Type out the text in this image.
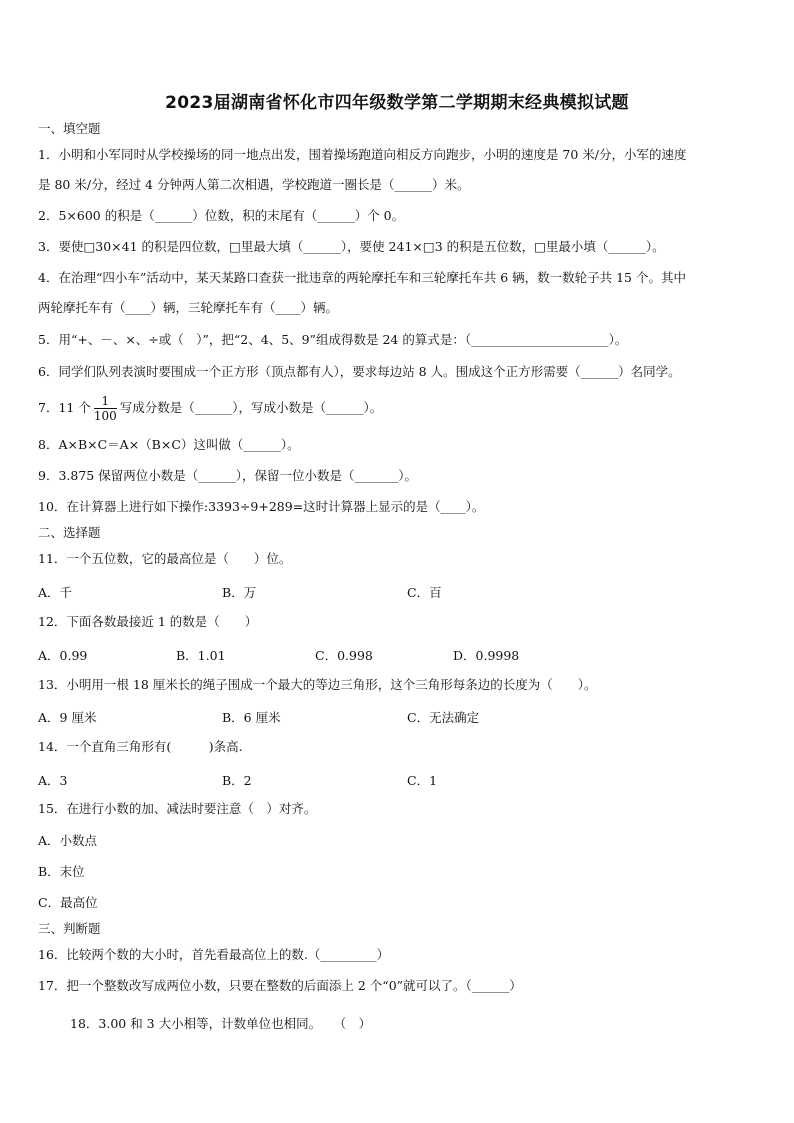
2023届湖南省怀化市四年级数学第二学期期末经典模拟试题
一、填空题
1．小明和小军同时从学校操场的同一地点出发，围着操场跑道向相反方向跑步，小明的速度是 70 米/分，小军的速度
是 80 米/分，经过 4 分钟两人第二次相遇，学校跑道一圈长是（______）米。
2．5×600 的积是（______）位数，积的末尾有（______）个 0。
3．要使□30×41 的积是四位数，□里最大填（______），要使 241×□3 的积是五位数，□里最小填（______）。
4．在治理“四小车”活动中，某天某路口查获一批违章的两轮摩托车和三轮摩托车共 6 辆，数一数轮子共 15 个。其中
两轮摩托车有（____）辆，三轮摩托车有（____）辆。
5．用“+、－、×、÷或（　）”，把“2、4、5、9”组成得数是 24 的算式是：（______________________）。
6．同学们队列表演时要围成一个正方形（顶点都有人），要求每边站 8 人。围成这个正方形需要（______）名同学。
7．11 个 $\frac{1}{100}$ 写成分数是（______），写成小数是（______）。
8．A×B×C＝A×（B×C）这叫做（______）。
9．3.875 保留两位小数是（______），保留一位小数是（_______）。
10．在计算器上进行如下操作:3393÷9+289=这时计算器上显示的是（____）。
二、选择题
11．一个五位数，它的最高位是（　　）位。
A．千	B．万	C．百
12．下面各数最接近 1 的数是（　　）
A．0.99	B．1.01	C．0.998	D．0.9998
13．小明用一根 18 厘米长的绳子围成一个最大的等边三角形，这个三角形每条边的长度为（　　）。
A．9 厘米	B．6 厘米	C．无法确定
14．一个直角三角形有(　　　)条高.
A．3	B．2	C．1
15．在进行小数的加、减法时要注意（　）对齐。
A．小数点
B．末位
C．最高位
三、判断题
16．比较两个数的大小时，首先看最高位上的数.（_________）
17．把一个整数改写成两位小数，只要在整数的后面添上 2 个“0”就可以了。（______）
18．3.00 和 3 大小相等，计数单位也相同。　　（　）
